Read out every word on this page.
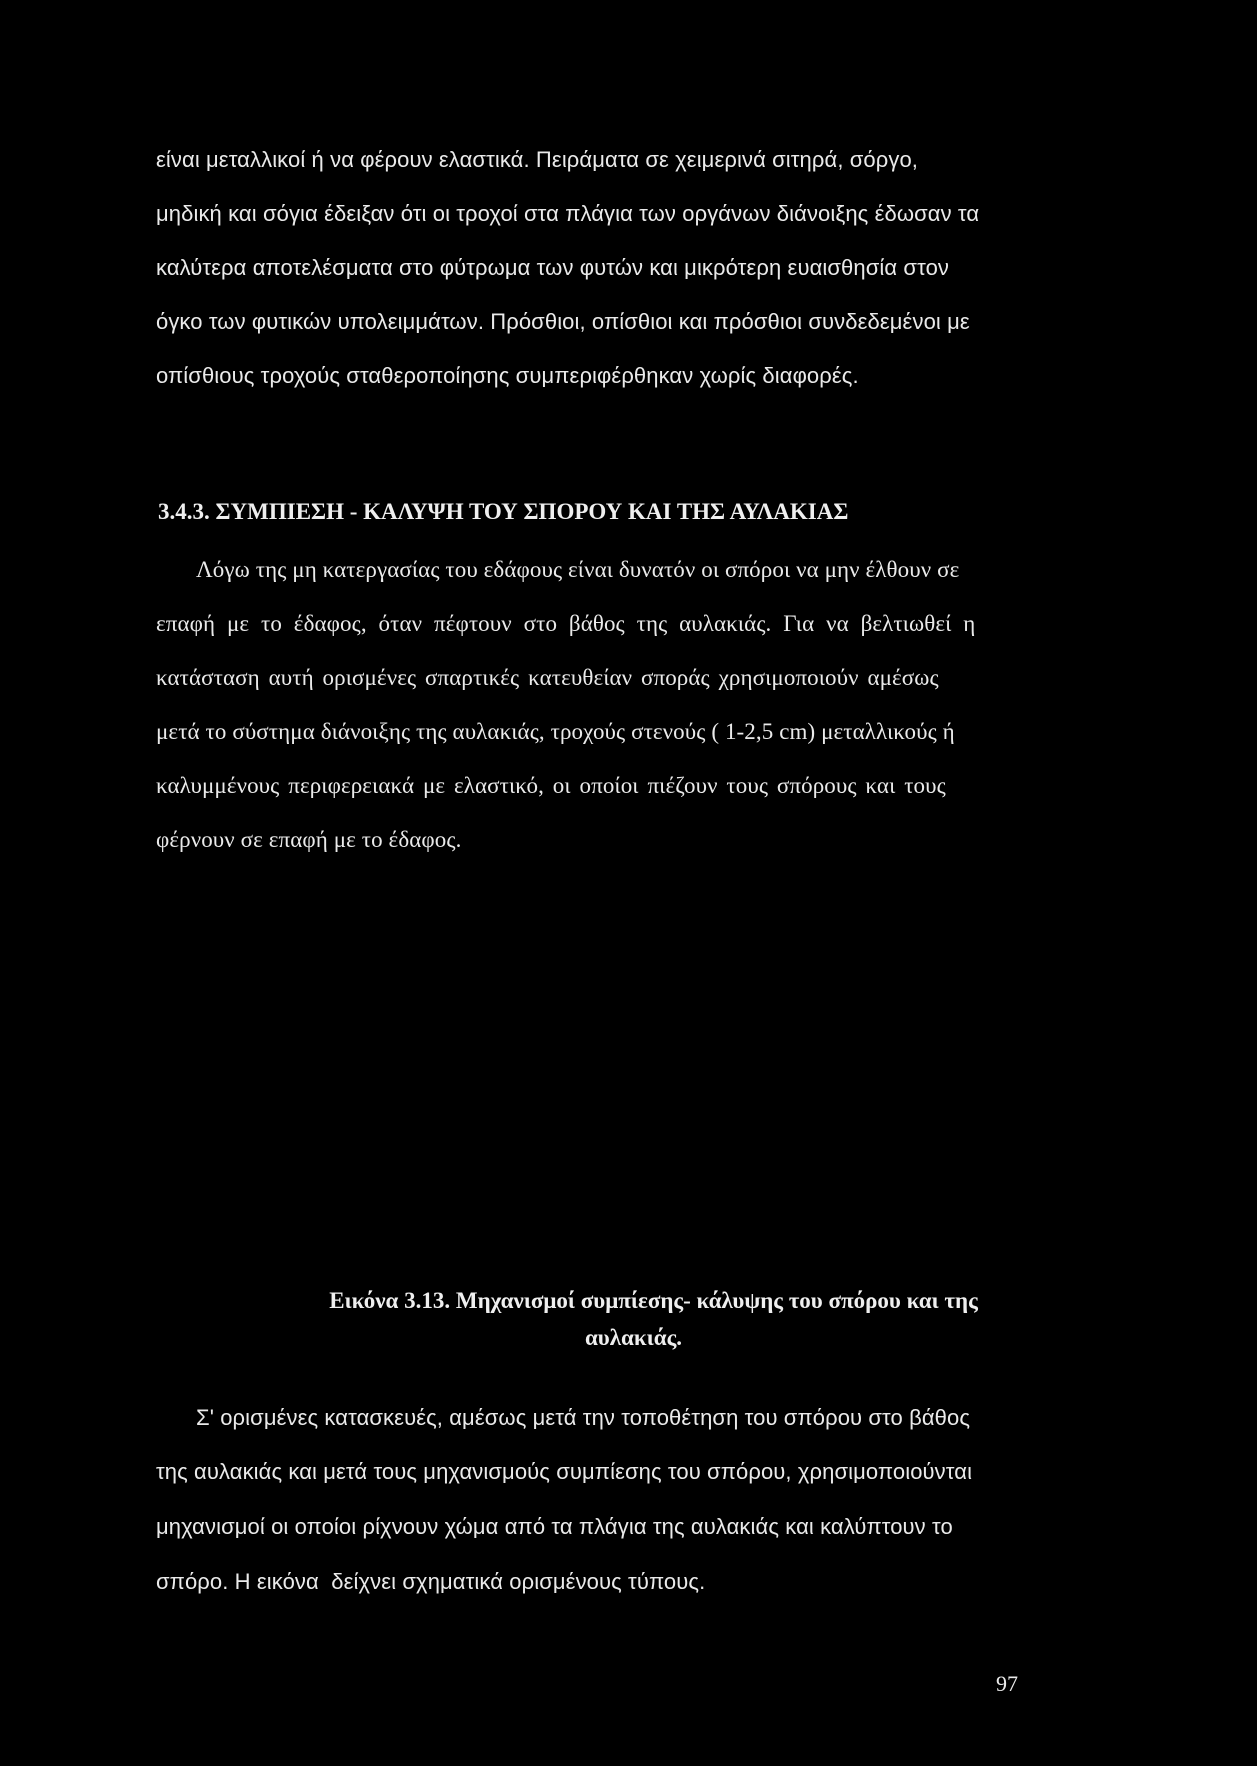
είναι μεταλλικοί ή να φέρουν ελαστικά. Πειράματα σε χειμερινά σιτηρά, σόργο,
μηδική και σόγια έδειξαν ότι οι τροχοί στα πλάγια των οργάνων διάνοιξης έδωσαν τα
καλύτερα αποτελέσματα στο φύτρωμα των φυτών και μικρότερη ευαισθησία στον
όγκο των φυτικών υπολειμμάτων. Πρόσθιοι, οπίσθιοι και πρόσθιοι συνδεδεμένοι με
οπίσθιους τροχούς σταθεροποίησης συμπεριφέρθηκαν χωρίς διαφορές.
3.4.3. ΣΥΜΠΙΕΣΗ - ΚΑΛΥΨΗ ΤΟΥ ΣΠΟΡΟΥ ΚΑΙ ΤΗΣ ΑΥΛΑΚΙΑΣ
Λόγω της μη κατεργασίας του εδάφους είναι δυνατόν οι σπόροι να μην έλθουν σε
επαφή με το έδαφος, όταν πέφτουν στο βάθος της αυλακιάς. Για να βελτιωθεί η
κατάσταση αυτή ορισμένες σπαρτικές κατευθείαν σποράς χρησιμοποιούν αμέσως
μετά το σύστημα διάνοιξης της αυλακιάς, τροχούς στενούς ( 1-2,5 cm) μεταλλικούς ή
καλυμμένους περιφερειακά με ελαστικό, οι οποίοι πιέζουν τους σπόρους και τους
φέρνουν σε επαφή με το έδαφος.
Εικόνα 3.13. Μηχανισμοί συμπίεσης- κάλυψης του σπόρου και της
αυλακιάς.
Σ' ορισμένες κατασκευές, αμέσως μετά την τοποθέτηση του σπόρου στο βάθος
της αυλακιάς και μετά τους μηχανισμούς συμπίεσης του σπόρου, χρησιμοποιούνται
μηχανισμοί οι οποίοι ρίχνουν χώμα από τα πλάγια της αυλακιάς και καλύπτουν το
σπόρο. Η εικόνα  δείχνει σχηματικά ορισμένους τύπους.
97
